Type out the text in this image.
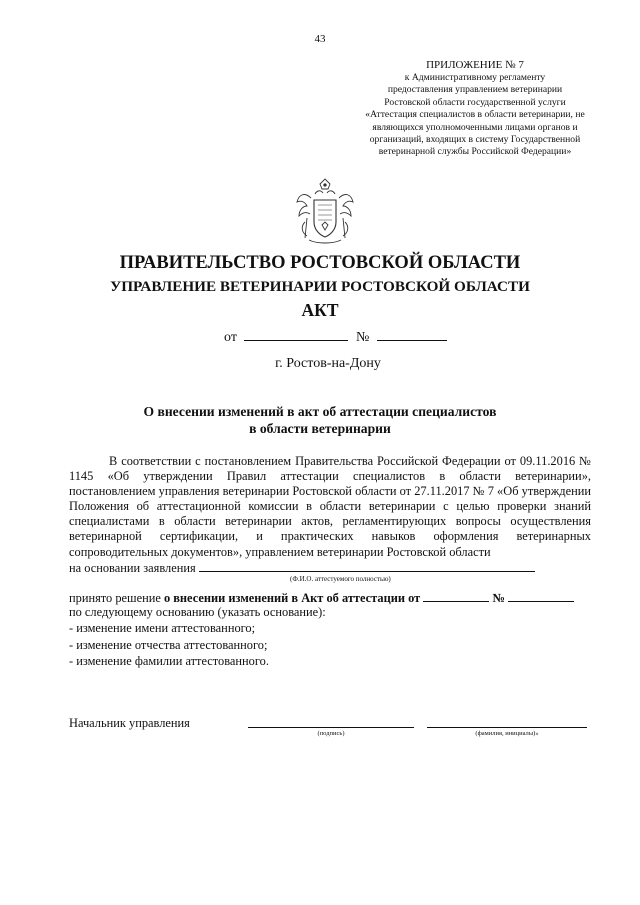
43
ПРИЛОЖЕНИЕ № 7
к Административному регламенту
предоставления управлением ветеринарии
Ростовской области государственной услуги
«Аттестация специалистов в области ветеринарии, не
являющихся уполномоченными лицами органов и
организаций, входящих в систему Государственной
ветеринарной службы Российской Федерации»
ПРАВИТЕЛЬСТВО РОСТОВСКОЙ ОБЛАСТИ
УПРАВЛЕНИЕ ВЕТЕРИНАРИИ РОСТОВСКОЙ ОБЛАСТИ
АКТ
от	№
г. Ростов-на-Дону
О внесении изменений в акт об аттестации специалистов
в области ветеринарии
В соответствии с постановлением Правительства Российской Федерации от 09.11.2016 № 1145 «Об утверждении Правил аттестации специалистов в области ветеринарии», постановлением управления ветеринарии Ростовской области от 27.11.2017 № 7 «Об утверждении Положения об аттестационной комиссии в области ветеринарии с целью проверки знаний специалистами в области ветеринарии актов, регламентирующих вопросы осуществления ветеринарной сертификации, и практических навыков оформления ветеринарных сопроводительных документов», управлением ветеринарии Ростовской области
на основании заявления
(Ф.И.О. аттестуемого полностью)
принято решение о внесении изменений в Акт об аттестации от	№
по следующему основанию (указать основание):
- изменение имени аттестованного;
- изменение отчества аттестованного;
- изменение фамилии аттестованного.
Начальник управления
(подпись)	(фамилия, инициалы)»
